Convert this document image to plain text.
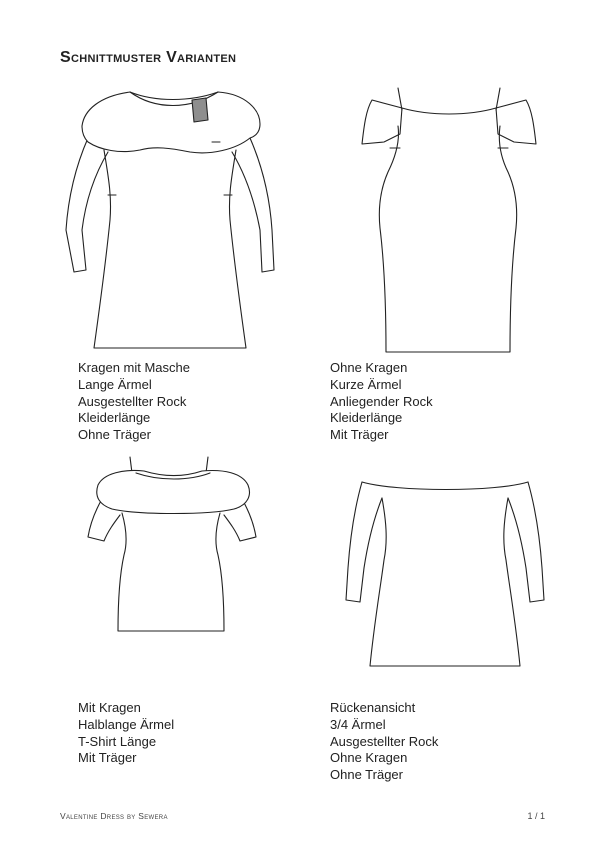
Schnittmuster Varianten
Kragen mit Masche
Lange Ärmel
Ausgestellter Rock
Kleiderlänge
Ohne Träger
Ohne Kragen
Kurze Ärmel
Anliegender Rock
Kleiderlänge
Mit Träger
Mit Kragen
Halblange Ärmel
T-Shirt Länge
Mit Träger
Rückenansicht
3/4 Ärmel
Ausgestellter Rock
Ohne Kragen
Ohne Träger
Valentine Dress by Sewera	1 / 1
